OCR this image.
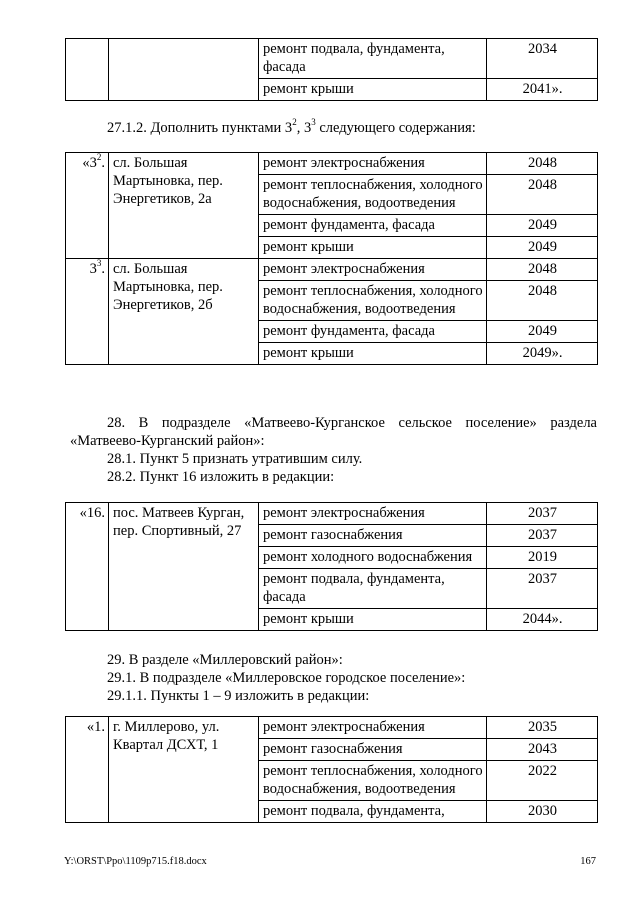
		ремонт подвала, фундамента, фасада	2034
		ремонт крыши	2041».
27.1.2. Дополнить пунктами $3^2$, $3^3$ следующего содержания:
«$3^2$.	сл. Большая Мартыновка, пер. Энергетиков, 2а	ремонт электроснабжения	2048
		ремонт теплоснабжения, холодного водоснабжения, водоотведения	2048
		ремонт фундамента, фасада	2049
		ремонт крыши	2049
$3^3$.	сл. Большая Мартыновка, пер. Энергетиков, 2б	ремонт электроснабжения	2048
		ремонт теплоснабжения, холодного водоснабжения, водоотведения	2048
		ремонт фундамента, фасада	2049
		ремонт крыши	2049».
28. В подразделе «Матвеево-Курганское сельское поселение» раздела
«Матвеево-Курганский район»:
28.1. Пункт 5 признать утратившим силу.
28.2. Пункт 16 изложить в редакции:
«16.	пос. Матвеев Курган, пер. Спортивный, 27	ремонт электроснабжения	2037
		ремонт газоснабжения	2037
		ремонт холодного водоснабжения	2019
		ремонт подвала, фундамента, фасада	2037
		ремонт крыши	2044».
29. В разделе «Миллеровский район»:
29.1. В подразделе «Миллеровское городское поселение»:
29.1.1. Пункты 1 – 9 изложить в редакции:
«1.	г. Миллерово, ул. Квартал ДСХТ, 1	ремонт электроснабжения	2035
		ремонт газоснабжения	2043
		ремонт теплоснабжения, холодного водоснабжения, водоотведения	2022
		ремонт подвала, фундамента,	2030
Y:\ORST\Ppo\1109p715.f18.docx	167
